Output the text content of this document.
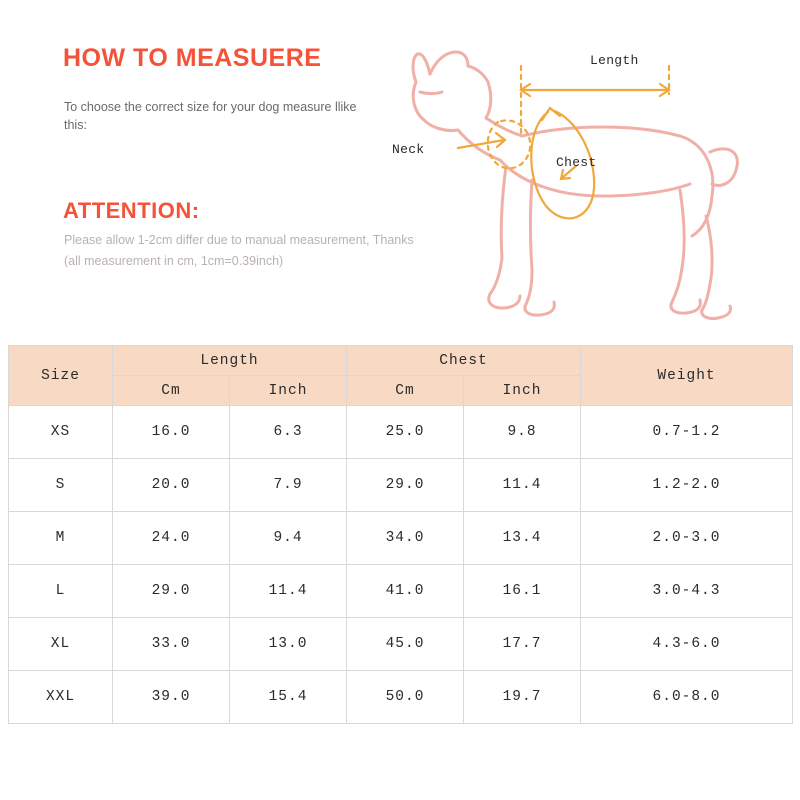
HOW TO MEASUERE
To choose the correct size for your dog measure llike this:
ATTENTION:
Please allow 1-2cm differ due to manual measurement, Thanks (all measurement in cm, 1cm=0.39inch)
Length
Neck
Chest
Size	Length		Chest		Weight
	Cm	Inch	Cm	Inch	
XS	16.0	6.3	25.0	9.8	0.7-1.2
S	20.0	7.9	29.0	11.4	1.2-2.0
M	24.0	9.4	34.0	13.4	2.0-3.0
L	29.0	11.4	41.0	16.1	3.0-4.3
XL	33.0	13.0	45.0	17.7	4.3-6.0
XXL	39.0	15.4	50.0	19.7	6.0-8.0
